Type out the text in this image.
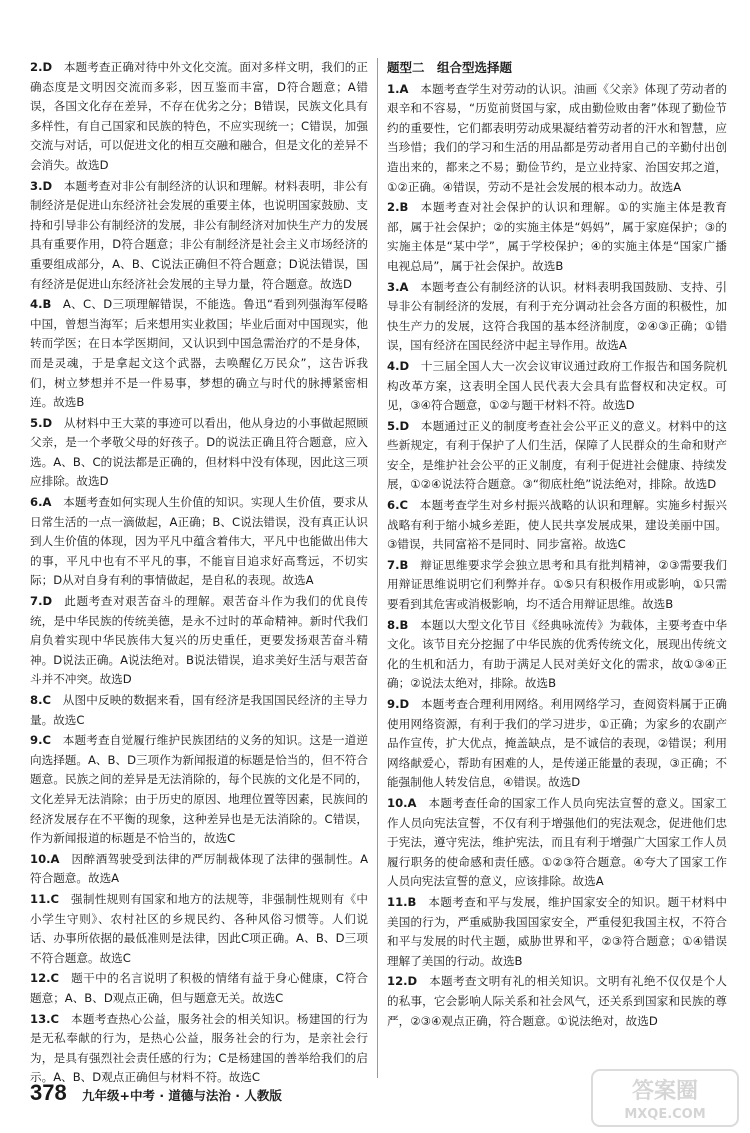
2.D  本题考查正确对待中外文化交流。面对多样文明，我们的正确态度是文明因交流而多彩，因互鉴而丰富，D符合题意；A错误，各国文化存在差异，不存在优劣之分；B错误，民族文化具有多样性，有自己国家和民族的特色，不应实现统一；C错误，加强交流与对话，可以促进文化的相互交融和融合，但是文化的差异不会消失。故选D
3.D  本题考查对非公有制经济的认识和理解。材料表明，非公有制经济是促进山东经济社会发展的重要主体，也说明国家鼓励、支持和引导非公有制经济的发展，非公有制经济对加快生产力的发展具有重要作用，D符合题意；非公有制经济是社会主义市场经济的重要组成部分，A、B、C说法正确但不符合题意；D说法错误，国有经济是促进山东经济社会发展的主导力量，符合题意。故选D
4.B  A、C、D三项理解错误，不能选。鲁迅“看到列强海军侵略中国，曾想当海军；后来想用实业救国；毕业后面对中国现实，他转而学医；在日本学医期间，又认识到中国急需治疗的不是身体，而是灵魂，于是拿起文这个武器，去唤醒亿万民众”，这告诉我们，树立梦想并不是一件易事，梦想的确立与时代的脉搏紧密相连。故选B
5.D  从材料中王大菜的事迹可以看出，他从身边的小事做起照顾父亲，是一个孝敬父母的好孩子。D的说法正确且符合题意，应入选。A、B、C的说法都是正确的，但材料中没有体现，因此这三项应排除。故选D
6.A  本题考查如何实现人生价值的知识。实现人生价值，要求从日常生活的一点一滴做起，A正确；B、C说法错误，没有真正认识到人生价值的体现，因为平凡中蕴含着伟大，平凡中也能做出伟大的事，平凡中也有不平凡的事，不能盲目追求好高骛远，不切实际；D从对自身有利的事情做起，是自私的表现。故选A
7.D  此题考查对艰苦奋斗的理解。艰苦奋斗作为我们的优良传统，是中华民族的传统美德，是永不过时的革命精神。新时代我们肩负着实现中华民族伟大复兴的历史重任，更要发扬艰苦奋斗精神。D说法正确。A说法绝对。B说法错误，追求美好生活与艰苦奋斗并不冲突。故选D
8.C  从图中反映的数据来看，国有经济是我国国民经济的主导力量。故选C
9.C  本题考查自觉履行维护民族团结的义务的知识。这是一道逆向选择题。A、B、D三项作为新闻报道的标题是恰当的，但不符合题意。民族之间的差异是无法消除的，每个民族的文化是不同的，文化差异无法消除；由于历史的原因、地理位置等因素，民族间的经济发展存在不平衡的现象，这种差异也是无法消除的。C错误，作为新闻报道的标题是不恰当的，故选C
10.A  因醉酒驾驶受到法律的严厉制裁体现了法律的强制性。A符合题意。故选A
11.C  强制性规则有国家和地方的法规等，非强制性规则有《中小学生守则》、农村社区的乡规民约、各种风俗习惯等。人们说话、办事所依据的最低准则是法律，因此C项正确。A、B、D三项不符合题意。故选C
12.C  题干中的名言说明了积极的情绪有益于身心健康，C符合题意；A、B、D观点正确，但与题意无关。故选C
13.C  本题考查热心公益，服务社会的相关知识。杨建国的行为是无私奉献的行为，是热心公益，服务社会的行为，是亲社会行为，是具有强烈社会责任感的行为；C是杨建国的善举给我们的启示。A、B、D观点正确但与材料不符。故选C
题型二　组合型选择题
1.A  本题考查学生对劳动的认识。油画《父亲》体现了劳动者的艰辛和不容易，“历览前贤国与家，成由勤俭败由奢”体现了勤俭节约的重要性，它们都表明劳动成果凝结着劳动者的汗水和智慧，应当珍惜；我们的学习和生活的用品都是劳动者用自己的辛勤付出创造出来的，都来之不易；勤俭节约，是立业持家、治国安邦之道，①②正确。④错误，劳动不是社会发展的根本动力。故选A
2.B  本题考查对社会保护的认识和理解。①的实施主体是教育部，属于社会保护；②的实施主体是“妈妈”，属于家庭保护；③的实施主体是“某中学”，属于学校保护；④的实施主体是“国家广播电视总局”，属于社会保护。故选B
3.A  本题考查公有制经济的认识。材料表明我国鼓励、支持、引导非公有制经济的发展，有利于充分调动社会各方面的积极性，加快生产力的发展，这符合我国的基本经济制度，②④③正确；①错误，国有经济在国民经济中起主导作用。故选A
4.D  十三届全国人大一次会议审议通过政府工作报告和国务院机构改革方案，这表明全国人民代表大会具有监督权和决定权。可见，③④符合题意，①②与题干材料不符。故选D
5.D  本题通过正义的制度考查社会公平正义的意义。材料中的这些新规定，有利于保护了人们生活，保障了人民群众的生命和财产安全，是维护社会公平的正义制度，有利于促进社会健康、持续发展，①②④说法符合题意。③“彻底杜绝”说法绝对，排除。故选D
6.C  本题考查学生对乡村振兴战略的认识和理解。实施乡村振兴战略有利于缩小城乡差距，使人民共享发展成果，建设美丽中国。③错误，共同富裕不是同时、同步富裕。故选C
7.B  辩证思维要求学会独立思考和具有批判精神，②③需要我们用辩证思维说明它们利弊并存。①⑤只有积极作用或影响，①只需要看到其危害或消极影响，均不适合用辩证思维。故选B
8.B  本题以大型文化节目《经典咏流传》为载体，主要考查中华文化。该节目充分挖掘了中华民族的优秀传统文化，展现出传统文化的生机和活力，有助于满足人民对美好文化的需求，故①③④正确；②说法太绝对，排除。故选B
9.D  本题考查合理利用网络。利用网络学习，查阅资料属于正确使用网络资源，有利于我们的学习进步，①正确；为家乡的农副产品作宣传，扩大优点，掩盖缺点，是不诚信的表现，②错误；利用网络献爱心，帮助有困难的人，是传递正能量的表现，③正确；不能强制他人转发信息，④错误。故选D
10.A  本题考查任命的国家工作人员向宪法宣誓的意义。国家工作人员向宪法宣誓，不仅有利于增强他们的宪法观念，促进他们忠于宪法，遵守宪法，维护宪法，而且有利于增强广大国家工作人员履行职务的使命感和责任感。①②③符合题意。④夸大了国家工作人员向宪法宣誓的意义，应该排除。故选A
11.B  本题考查和平与发展，维护国家安全的知识。题干材料中美国的行为，严重威胁我国国家安全，严重侵犯我国主权，不符合和平与发展的时代主题，威胁世界和平，②③符合题意；①④错误理解了美国的行动。故选B
12.D  本题考查文明有礼的相关知识。文明有礼绝不仅仅是个人的私事，它会影响人际关系和社会风气，还关系到国家和民族的尊严，②③④观点正确，符合题意。①说法绝对，故选D
378 九年级+中考 · 道德与法治 · 人教版	答案圈
MXQE.COM
